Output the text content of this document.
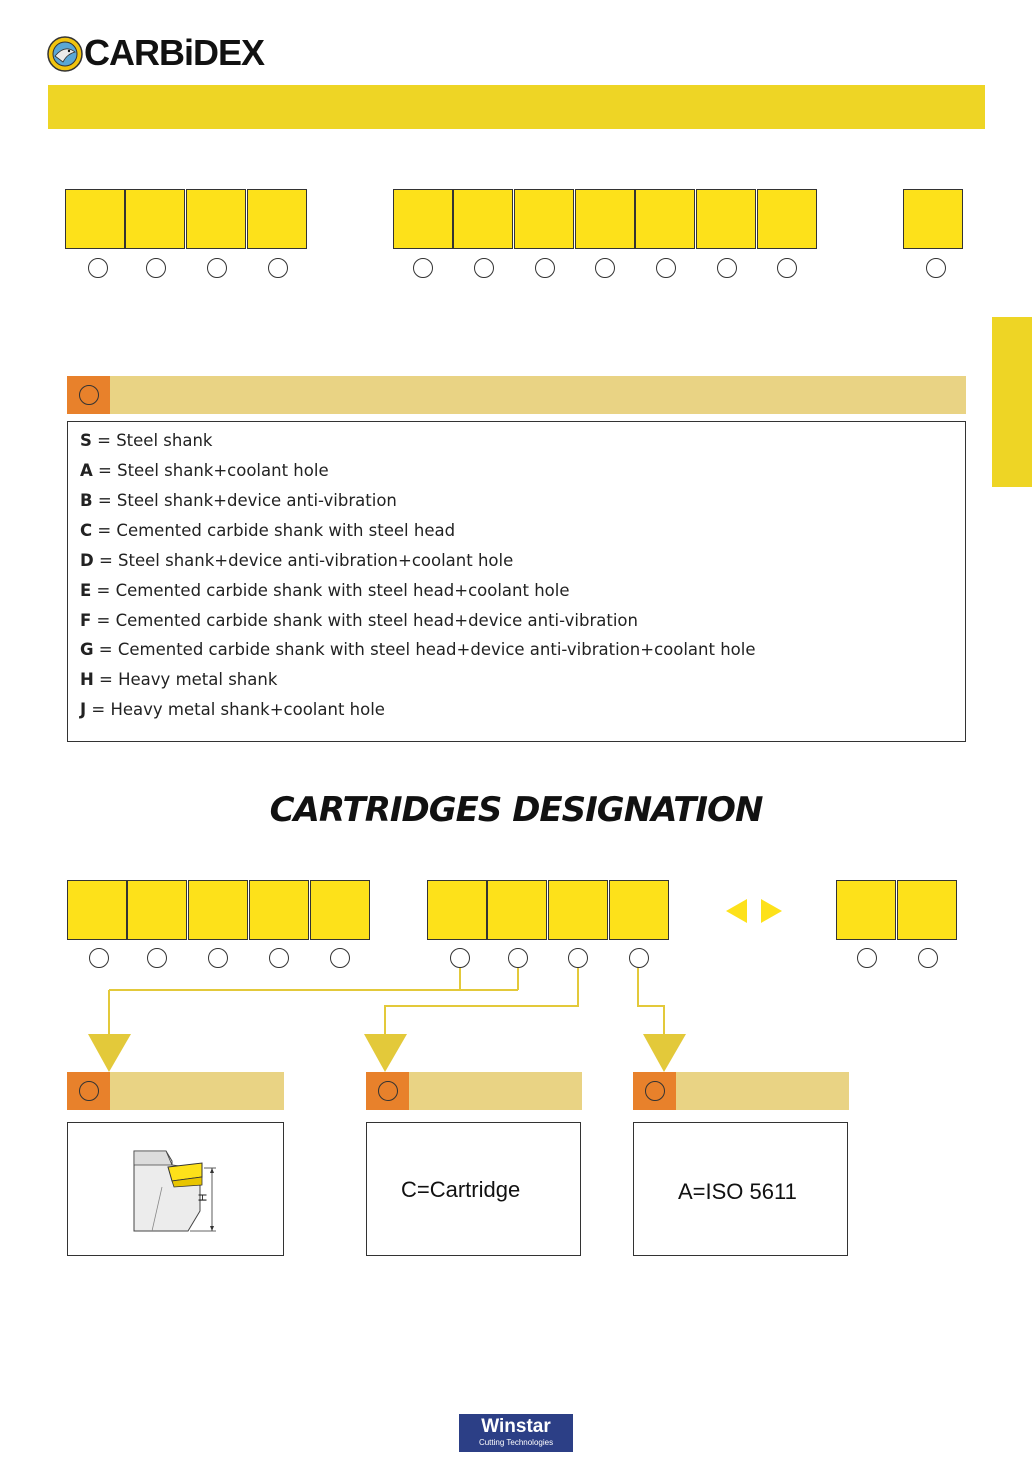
CARBiDEX
S = Steel shank
A = Steel shank+coolant hole
B = Steel shank+device anti-vibration
C = Cemented carbide shank with steel head
D = Steel shank+device anti-vibration+coolant hole
E = Cemented carbide shank with steel head+coolant hole
F = Cemented carbide shank with steel head+device anti-vibration
G = Cemented carbide shank with steel head+device anti-vibration+coolant hole
H = Heavy metal shank
J = Heavy metal shank+coolant hole
CARTRIDGES DESIGNATION
H	C=Cartridge	A=ISO 5611
Winstar
Cutting Technologies
